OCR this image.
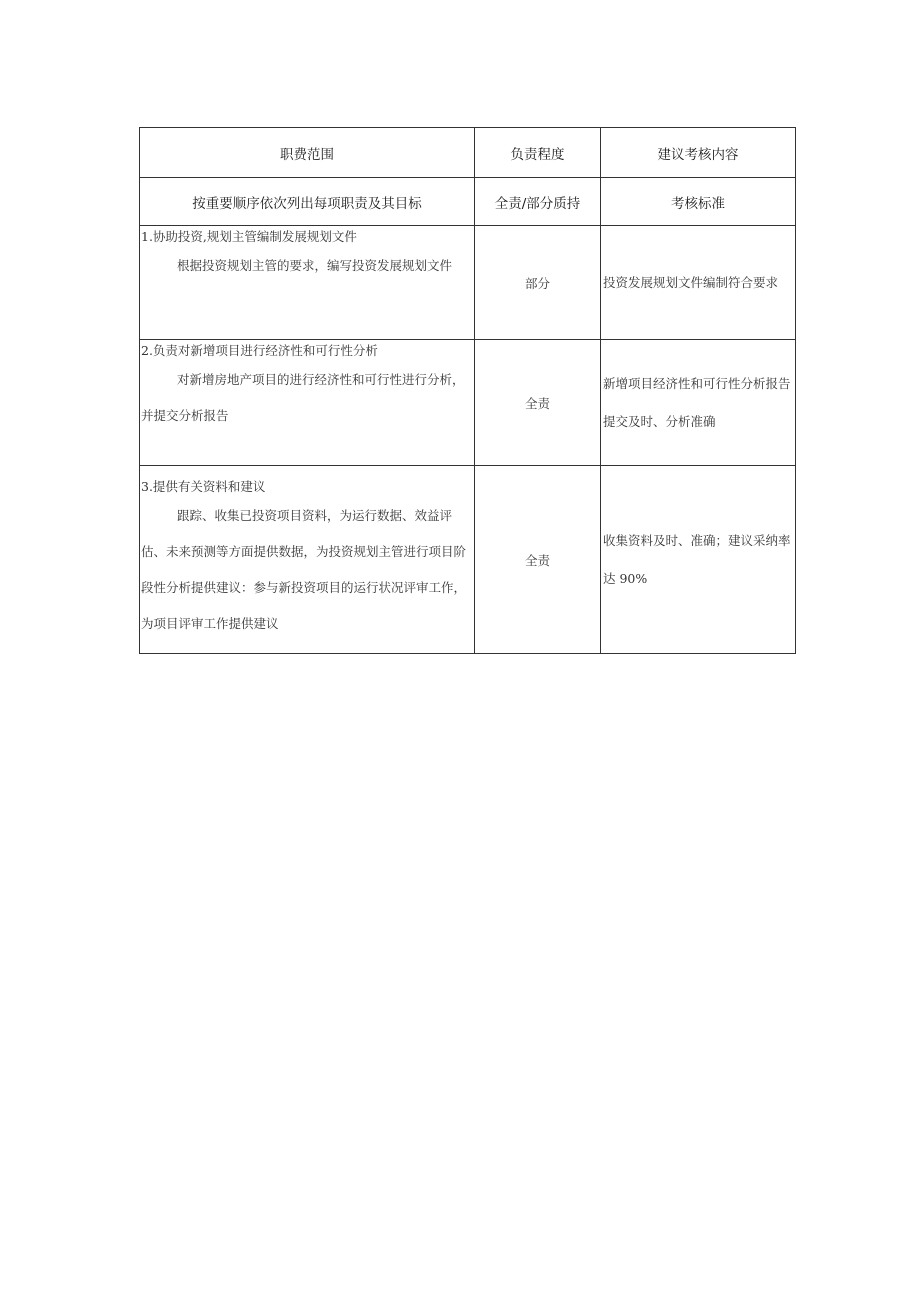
职费范围	负责程度	建议考核内容
按重要顺序依次列出每项职责及其目标	全责/部分质持	考核标准

1.协助投资,规划主管编制发展规划文件
根据投资规划主管的要求，编写投资发展规划文件	部分	投资发展规划文件编制符合要求

2.负责对新增项目进行经济性和可行性分析
对新增房地产项目的进行经济性和可行性进行分析，并提交分析报告	全责	新增项目经济性和可行性分析报告提交及时、分析准确

3.提供有关资料和建议
跟踪、收集已投资项目资料，为运行数据、效益评估、未来预测等方面提供数据，为投资规划主管进行项目阶段性分析提供建议：参与新投资项目的运行状况评审工作，为项目评审工作提供建议	全责	收集资料及时、准确；建议采纳率达 90%
